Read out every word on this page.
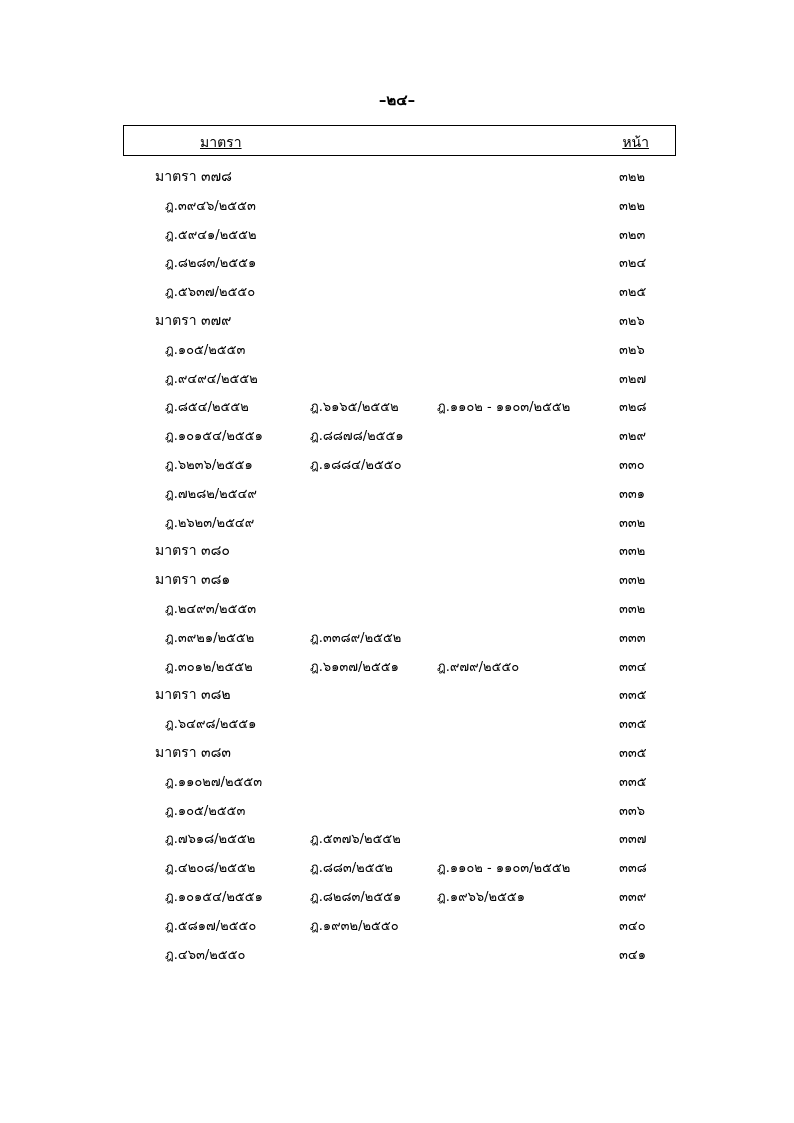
–๒๔–
มาตรา	หน้า
มาตรา ๓๗๘	๓๒๒
ฎ.๓๙๔๖/๒๕๕๓	๓๒๒
ฎ.๕๙๔๑/๒๕๕๒	๓๒๓
ฎ.๘๒๘๓/๒๕๕๑	๓๒๔
ฎ.๕๖๓๗/๒๕๕๐	๓๒๕
มาตรา ๓๗๙	๓๒๖
ฎ.๑๐๕/๒๕๕๓	๓๒๖
ฎ.๙๔๙๔/๒๕๕๒	๓๒๗
ฎ.๘๕๔/๒๕๕๒	ฎ.๖๑๖๕/๒๕๕๒	ฎ.๑๑๐๒ - ๑๑๐๓/๒๕๕๒	๓๒๘
ฎ.๑๐๑๕๔/๒๕๕๑	ฎ.๘๘๗๘/๒๕๕๑	๓๒๙
ฎ.๖๒๓๖/๒๕๕๑	ฎ.๑๘๘๔/๒๕๕๐	๓๓๐
ฎ.๗๒๘๒/๒๕๔๙	๓๓๑
ฎ.๒๖๒๓/๒๕๔๙	๓๓๒
มาตรา ๓๘๐	๓๓๒
มาตรา ๓๘๑	๓๓๒
ฎ.๒๔๙๓/๒๕๕๓	๓๓๒
ฎ.๓๙๒๑/๒๕๕๒	ฎ.๓๓๘๙/๒๕๕๒	๓๓๓
ฎ.๓๐๑๒/๒๕๕๒	ฎ.๖๑๓๗/๒๕๕๑	ฎ.๙๗๙/๒๕๕๐	๓๓๔
มาตรา ๓๘๒	๓๓๕
ฎ.๖๔๙๘/๒๕๕๑	๓๓๕
มาตรา ๓๘๓	๓๓๕
ฎ.๑๑๐๒๗/๒๕๕๓	๓๓๕
ฎ.๑๐๕/๒๕๕๓	๓๓๖
ฎ.๗๖๑๘/๒๕๕๒	ฎ.๕๓๗๖/๒๕๕๒	๓๓๗
ฎ.๔๒๐๘/๒๕๕๒	ฎ.๘๘๓/๒๕๕๒	ฎ.๑๑๐๒ - ๑๑๐๓/๒๕๕๒	๓๓๘
ฎ.๑๐๑๕๔/๒๕๕๑	ฎ.๘๒๘๓/๒๕๕๑	ฎ.๑๙๖๖/๒๕๕๑	๓๓๙
ฎ.๕๘๑๗/๒๕๕๐	ฎ.๑๙๓๒/๒๕๕๐	๓๔๐
ฎ.๔๖๓/๒๕๕๐	๓๔๑
